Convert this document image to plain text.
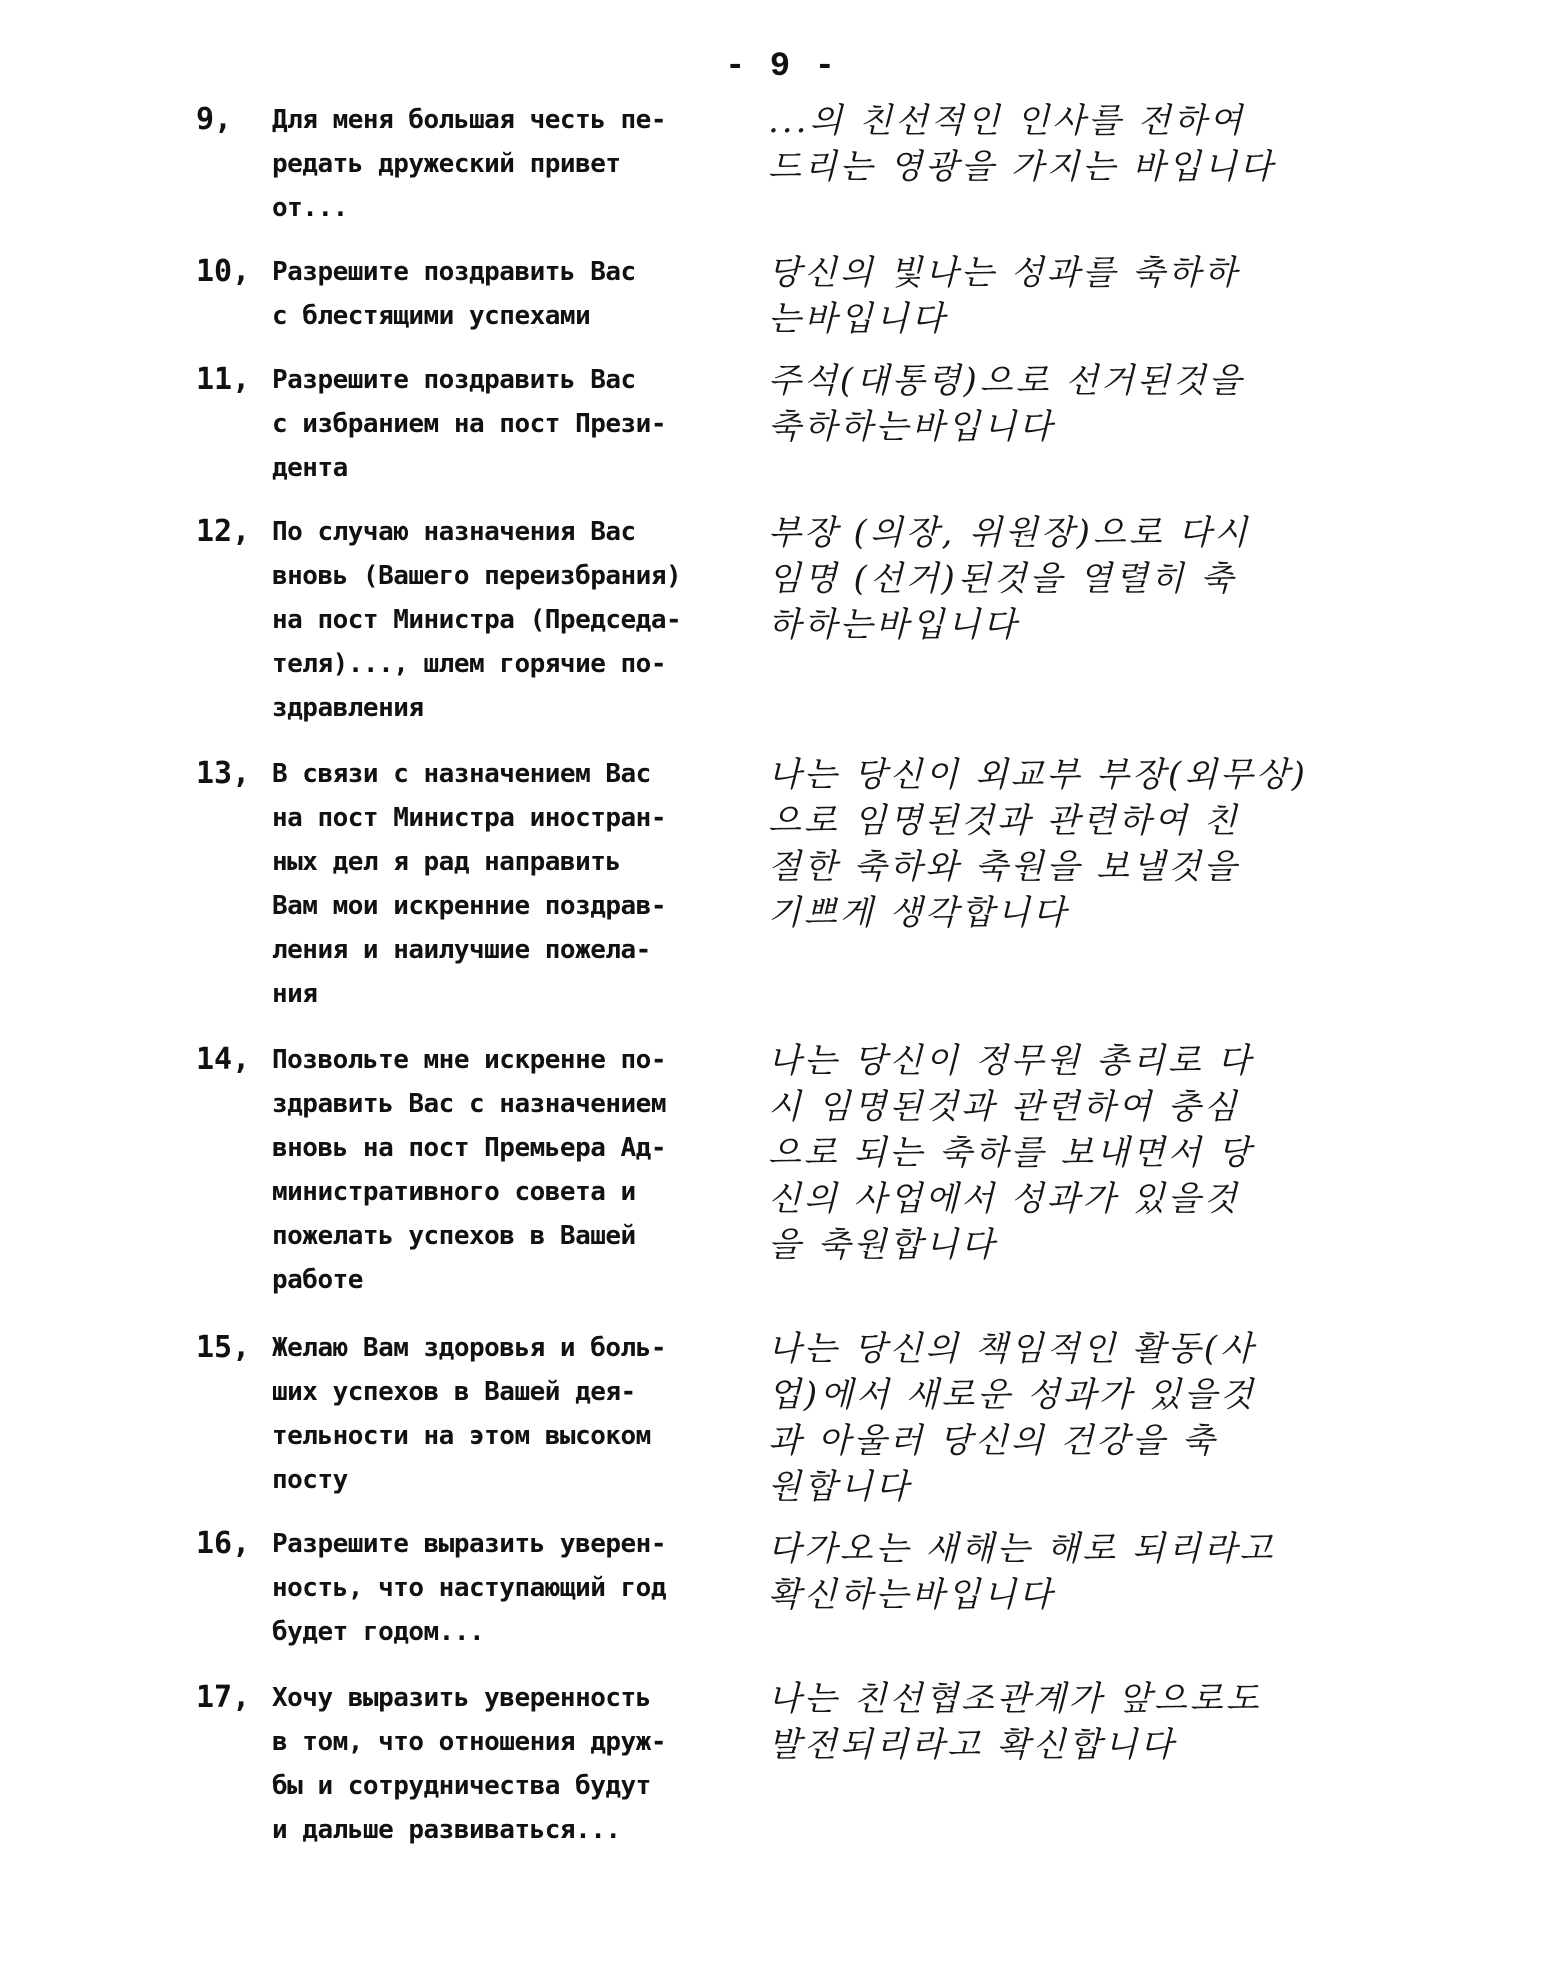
- 9 -
9,	Для меня большая честь пе-
редать дружеский привет
от...
...의 친선적인 인사를 전하여
드리는 영광을 가지는 바입니다
10, Разрешите поздравить Вас
с блестящими успехами
당신의 빛나는 성과를 축하하
는바입니다
11, Разрешите поздравить Вас
с избранием на пост Прези-
дента
주석(대통령)으로 선거된것을
축하하는바입니다
12, По случаю назначения Вас
вновь (Вашего переизбрания)
на пост Министра (Председа-
теля)..., шлем горячие по-
здравления
부장 (의장, 위원장)으로 다시
임명 (선거)된것을 열렬히 축
하하는바입니다
13, В связи с назначением Вас
на пост Министра иностран-
ных дел я рад направить
Вам мои искренние поздрав-
ления и наилучшие пожела-
ния
나는 당신이 외교부 부장(외무상)
으로 임명된것과 관련하여 친
절한 축하와 축원을 보낼것을
기쁘게 생각합니다
14, Позвольте мне искренне по-
здравить Вас с назначением
вновь на пост Премьера Ад-
министративного совета и
пожелать успехов в Вашей
работе
나는 당신이 정무원 총리로 다
시 임명된것과 관련하여 충심
으로 되는 축하를 보내면서 당
신의 사업에서 성과가 있을것
을 축원합니다
15, Желаю Вам здоровья и боль-
ших успехов в Вашей дея-
тельности на этом высоком
посту
나는 당신의 책임적인 활동(사
업)에서 새로운 성과가 있을것
과 아울러 당신의 건강을 축
원합니다
16, Разрешите выразить уверен-
ность, что наступающий год
будет годом...
다가오는 새해는 해로 되리라고
확신하는바입니다
17, Хочу выразить уверенность
в том, что отношения друж-
бы и сотрудничества будут
и дальше развиваться...
나는 친선협조관계가 앞으로도
발전되리라고 확신합니다
